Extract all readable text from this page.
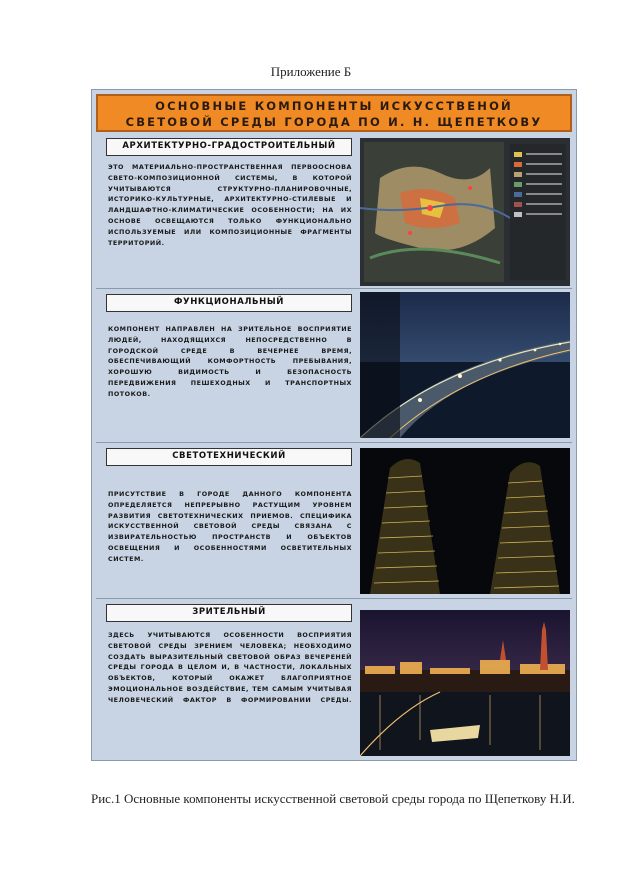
Приложение Б
ОСНОВНЫЕ КОМПОНЕНТЫ ИСКУССТВЕНОЙ
СВЕТОВОЙ СРЕДЫ ГОРОДА ПО И. Н. ЩЕПЕТКОВУ
АРХИТЕКТУРНО-ГРАДОСТРОИТЕЛЬНЫЙ
ЭТО МАТЕРИАЛЬНО-ПРОСТРАНСТВЕННАЯ ПЕРВООСНОВА СВЕТО-КОМПОЗИЦИОННОЙ СИСТЕМЫ, В КОТОРОЙ УЧИТЫВАЮТСЯ СТРУКТУРНО-ПЛАНИРОВОЧНЫЕ, ИСТОРИКО-КУЛЬТУРНЫЕ, АРХИТЕКТУРНО-СТИЛЕВЫЕ И ЛАНДШАФТНО-КЛИМАТИЧЕСКИЕ ОСОБЕННОСТИ; НА ИХ ОСНОВЕ ОСВЕЩАЮТСЯ ТОЛЬКО ФУНКЦИОНАЛЬНО ИСПОЛЬЗУЕМЫЕ ИЛИ КОМПОЗИЦИОННЫЕ ФРАГМЕНТЫ ТЕРРИТОРИЙ.
ФУНКЦИОНАЛЬНЫЙ
КОМПОНЕНТ НАПРАВЛЕН НА ЗРИТЕЛЬНОЕ ВОСПРИЯТИЕ ЛЮДЕЙ, НАХОДЯЩИХСЯ НЕПОСРЕДСТВЕННО В ГОРОДСКОЙ СРЕДЕ В ВЕЧЕРНЕЕ ВРЕМЯ, ОБЕСПЕЧИВАЮЩИЙ КОМФОРТНОСТЬ ПРЕБЫВАНИЯ, ХОРОШУЮ ВИДИМОСТЬ И БЕЗОПАСНОСТЬ ПЕРЕДВИЖЕНИЯ ПЕШЕХОДНЫХ И ТРАНСПОРТНЫХ ПОТОКОВ.
СВЕТОТЕХНИЧЕСКИЙ
ПРИСУТСТВИЕ В ГОРОДЕ ДАННОГО КОМПОНЕНТА ОПРЕДЕЛЯЕТСЯ НЕПРЕРЫВНО РАСТУЩИМ УРОВНЕМ РАЗВИТИЯ СВЕТОТЕХНИЧЕСКИХ ПРИЕМОВ. СПЕЦИФИКА ИСКУССТВЕННОЙ СВЕТОВОЙ СРЕДЫ СВЯЗАНА С ИЗВИРАТЕЛЬНОСТЬЮ ПРОСТРАНСТВ И ОБЪЕКТОВ ОСВЕЩЕНИЯ И ОСОБЕННОСТЯМИ ОСВЕТИТЕЛЬНЫХ СИСТЕМ.
ЗРИТЕЛЬНЫЙ
ЗДЕСЬ УЧИТЫВАЮТСЯ ОСОБЕННОСТИ ВОСПРИЯТИЯ СВЕТОВОЙ СРЕДЫ ЗРЕНИЕМ ЧЕЛОВЕКА; НЕОБХОДИМО СОЗДАТЬ ВЫРАЗИТЕЛЬНЫЙ СВЕТОВОЙ ОБРАЗ ВЕЧЕРЕНЕЙ СРЕДЫ ГОРОДА В ЦЕЛОМ И, В ЧАСТНОСТИ, ЛОКАЛЬНЫХ ОБЪЕКТОВ, КОТОРЫЙ ОКАЖЕТ БЛАГОПРИЯТНОЕ ЭМОЦИОНАЛЬНОЕ ВОЗДЕЙСТВИЕ, ТЕМ САМЫМ УЧИТЫВАЯ ЧЕЛОВЕЧЕСКИЙ ФАКТОР В ФОРМИРОВАНИИ СРЕДЫ.
Рис.1 Основные компоненты искусственной световой среды города по Щепеткову Н.И.
